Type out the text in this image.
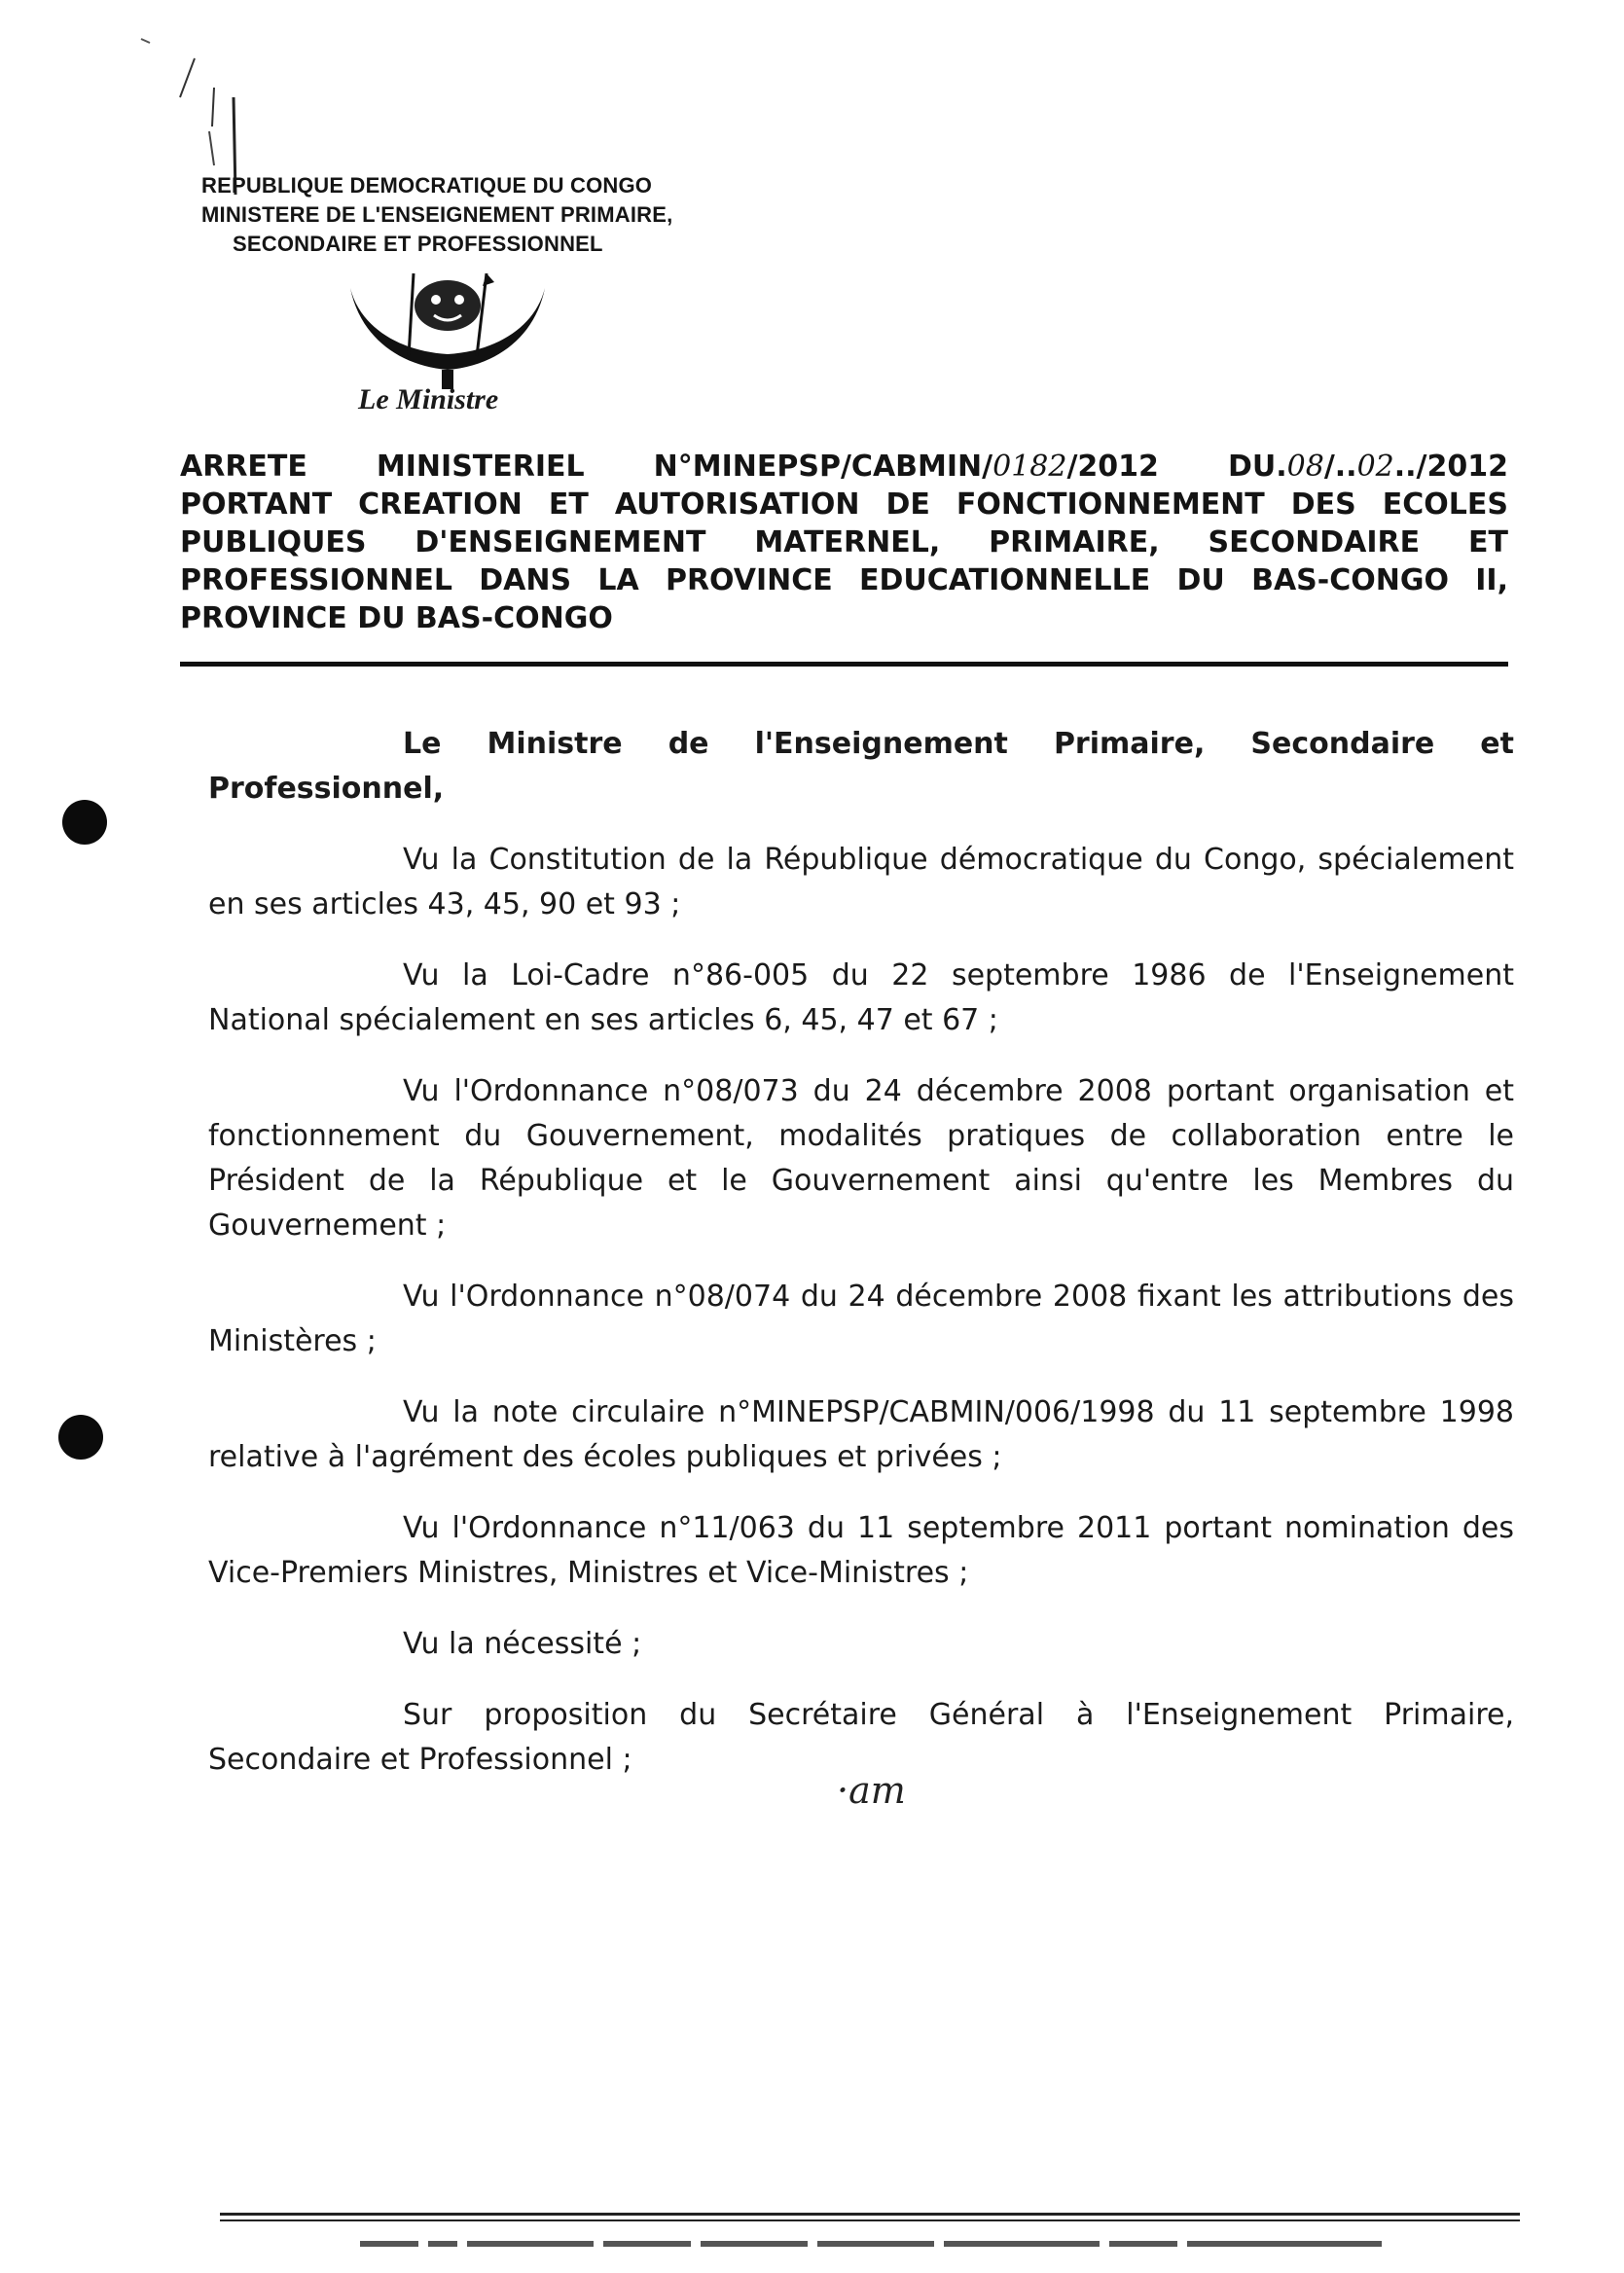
REPUBLIQUE DEMOCRATIQUE DU CONGO
MINISTERE DE L'ENSEIGNEMENT PRIMAIRE,
SECONDAIRE ET PROFESSIONNEL
Le Ministre
ARRETE MINISTERIEL N°MINEPSP/CABMIN/0182/2012 DU.08/..02../2012
PORTANT CREATION ET AUTORISATION DE FONCTIONNEMENT DES ECOLES
PUBLIQUES D'ENSEIGNEMENT MATERNEL, PRIMAIRE, SECONDAIRE ET
PROFESSIONNEL DANS LA PROVINCE EDUCATIONNELLE DU BAS-CONGO II,
PROVINCE DU BAS-CONGO

Le Ministre de l'Enseignement Primaire, Secondaire et Professionnel,

Vu la Constitution de la République démocratique du Congo, spécialement en ses articles 43, 45, 90 et 93 ;

Vu la Loi-Cadre n°86-005 du 22 septembre 1986 de l'Enseignement National spécialement en ses articles 6, 45, 47 et 67 ;

Vu l'Ordonnance n°08/073 du 24 décembre 2008 portant organisation et fonctionnement du Gouvernement, modalités pratiques de collaboration entre le Président de la République et le Gouvernement ainsi qu'entre les Membres du Gouvernement ;

Vu l'Ordonnance n°08/074 du 24 décembre 2008 fixant les attributions des Ministères ;

Vu la note circulaire n°MINEPSP/CABMIN/006/1998 du 11 septembre 1998 relative à l'agrément des écoles publiques et privées ;

Vu l'Ordonnance n°11/063 du 11 septembre 2011 portant nomination des Vice-Premiers Ministres, Ministres et Vice-Ministres ;

Vu la nécessité ;

Sur proposition du Secrétaire Général à l'Enseignement Primaire, Secondaire et Professionnel ;

·am
